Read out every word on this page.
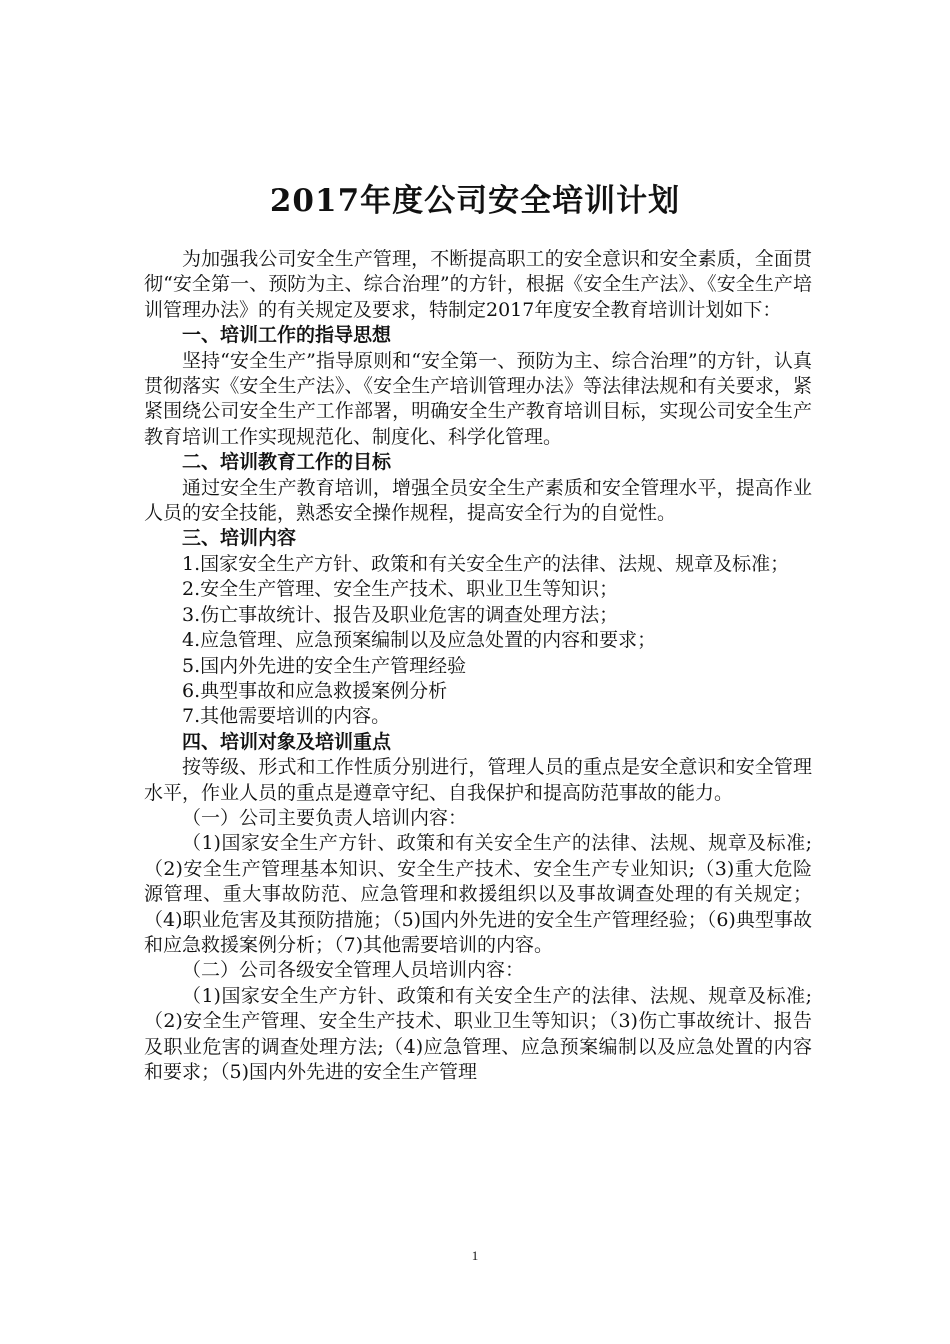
2017年度公司安全培训计划

为加强我公司安全生产管理，不断提高职工的安全意识和安全素质，全面贯彻“安全第一、预防为主、综合治理”的方针，根据《安全生产法》、《安全生产培训管理办法》的有关规定及要求，特制定2017年度安全教育培训计划如下：

一、培训工作的指导思想

坚持“安全生产”指导原则和“安全第一、预防为主、综合治理”的方针，认真贯彻落实《安全生产法》、《安全生产培训管理办法》等法律法规和有关要求，紧紧围绕公司安全生产工作部署，明确安全生产教育培训目标，实现公司安全生产教育培训工作实现规范化、制度化、科学化管理。

二、培训教育工作的目标

通过安全生产教育培训，增强全员安全生产素质和安全管理水平，提高作业人员的安全技能，熟悉安全操作规程，提高安全行为的自觉性。

三、培训内容

1.国家安全生产方针、政策和有关安全生产的法律、法规、规章及标准；

2.安全生产管理、安全生产技术、职业卫生等知识；

3.伤亡事故统计、报告及职业危害的调查处理方法；

4.应急管理、应急预案编制以及应急处置的内容和要求；

5.国内外先进的安全生产管理经验

6.典型事故和应急救援案例分析

7.其他需要培训的内容。

四、培训对象及培训重点

按等级、形式和工作性质分别进行，管理人员的重点是安全意识和安全管理水平，作业人员的重点是遵章守纪、自我保护和提高防范事故的能力。

（一）公司主要负责人培训内容：

（1)国家安全生产方针、政策和有关安全生产的法律、法规、规章及标准;（2)安全生产管理基本知识、安全生产技术、安全生产专业知识;（3)重大危险源管理、重大事故防范、应急管理和救援组织以及事故调查处理的有关规定；（4)职业危害及其预防措施；（5)国内外先进的安全生产管理经验；（6)典型事故和应急救援案例分析；（7)其他需要培训的内容。

（二）公司各级安全管理人员培训内容：

（1)国家安全生产方针、政策和有关安全生产的法律、法规、规章及标准;（2)安全生产管理、安全生产技术、职业卫生等知识；（3)伤亡事故统计、报告及职业危害的调查处理方法;（4)应急管理、应急预案编制以及应急处置的内容和要求；（5)国内外先进的安全生产管理

1
